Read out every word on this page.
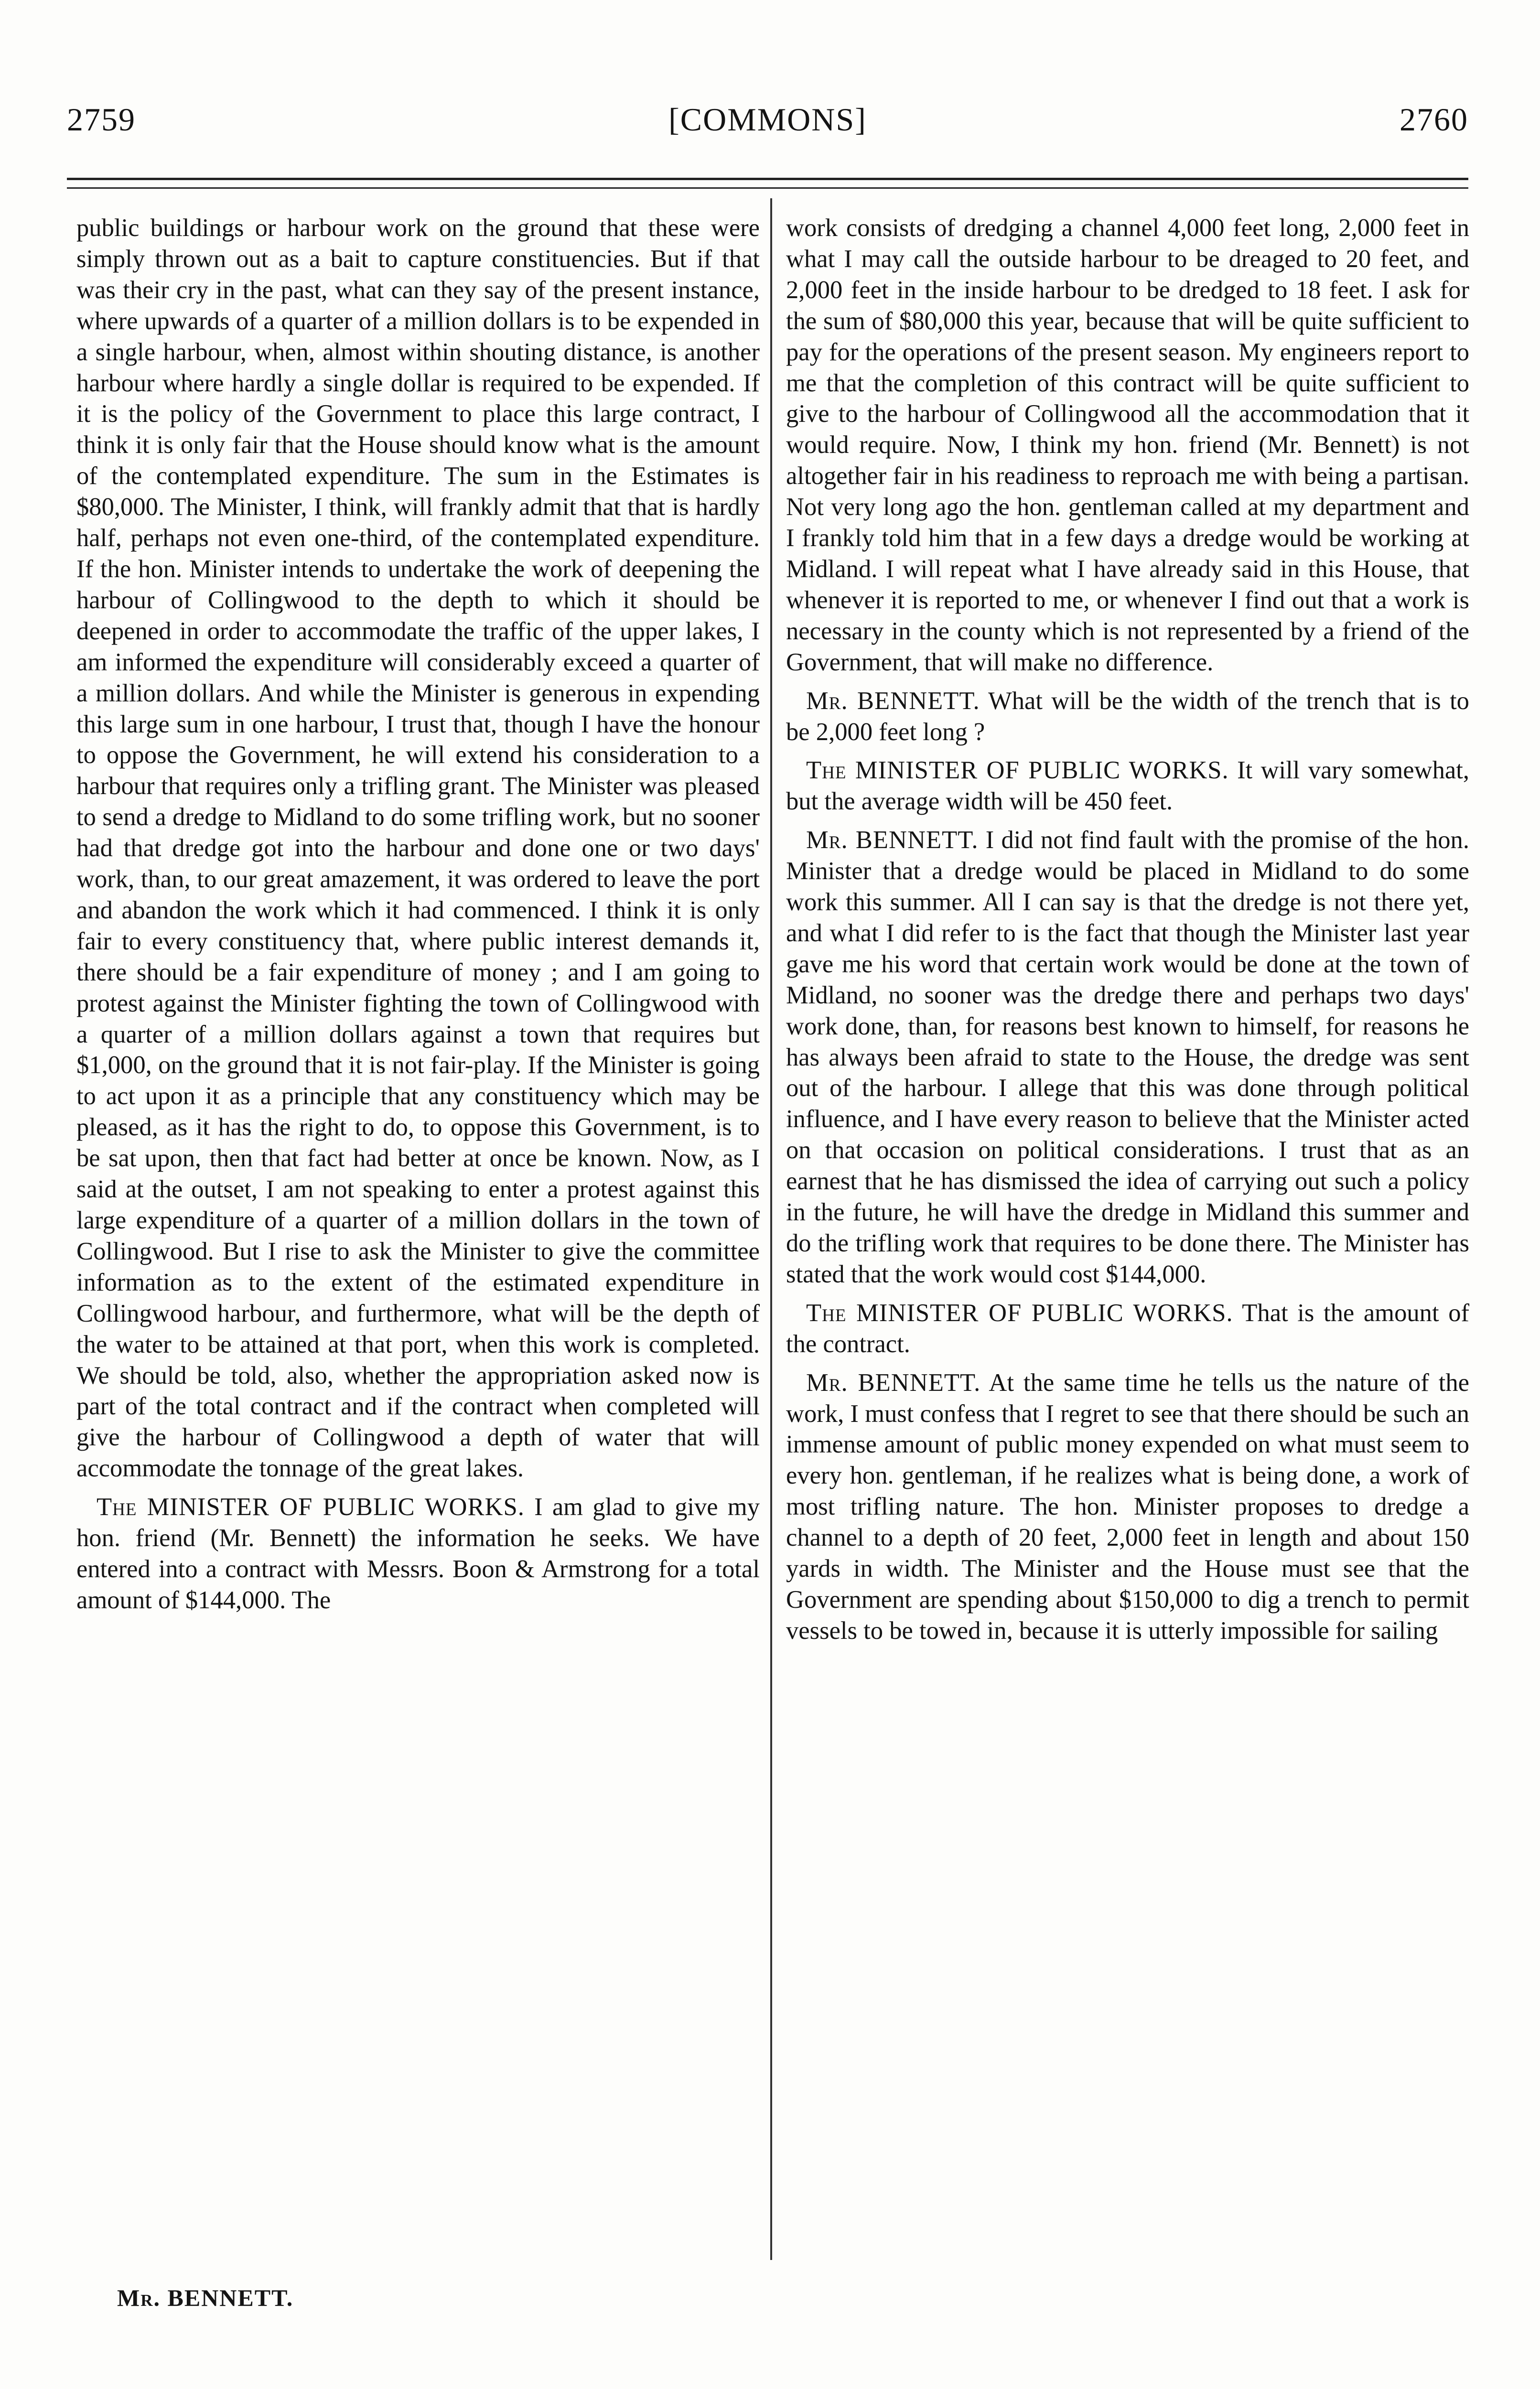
2759	[COMMONS]	2760

public buildings or harbour work on the ground that these were simply thrown out as a bait to capture constituencies. But if that was their cry in the past, what can they say of the present instance, where upwards of a quarter of a million dollars is to be expended in a single harbour, when, almost within shouting distance, is another harbour where hardly a single dollar is required to be expended. If it is the policy of the Government to place this large contract, I think it is only fair that the House should know what is the amount of the contemplated expenditure. The sum in the Estimates is $80,000. The Minister, I think, will frankly admit that that is hardly half, perhaps not even one-third, of the contemplated expenditure. If the hon. Minister intends to undertake the work of deepening the harbour of Collingwood to the depth to which it should be deepened in order to accommodate the traffic of the upper lakes, I am informed the expenditure will considerably exceed a quarter of a million dollars. And while the Minister is generous in expending this large sum in one harbour, I trust that, though I have the honour to oppose the Government, he will extend his consideration to a harbour that requires only a trifling grant. The Minister was pleased to send a dredge to Midland to do some trifling work, but no sooner had that dredge got into the harbour and done one or two days' work, than, to our great amazement, it was ordered to leave the port and abandon the work which it had commenced. I think it is only fair to every constituency that, where public interest demands it, there should be a fair expenditure of money ; and I am going to protest against the Minister fighting the town of Collingwood with a quarter of a million dollars against a town that requires but $1,000, on the ground that it is not fair-play. If the Minister is going to act upon it as a principle that any constituency which may be pleased, as it has the right to do, to oppose this Government, is to be sat upon, then that fact had better at once be known. Now, as I said at the outset, I am not speaking to enter a protest against this large expenditure of a quarter of a million dollars in the town of Collingwood. But I rise to ask the Minister to give the committee information as to the extent of the estimated expenditure in Collingwood harbour, and furthermore, what will be the depth of the water to be attained at that port, when this work is completed. We should be told, also, whether the appropriation asked now is part of the total contract and if the contract when completed will give the harbour of Collingwood a depth of water that will accommodate the tonnage of the great lakes.

The MINISTER OF PUBLIC WORKS. I am glad to give my hon. friend (Mr. Bennett) the information he seeks. We have entered into a contract with Messrs. Boon & Armstrong for a total amount of $144,000. The

work consists of dredging a channel 4,000 feet long, 2,000 feet in what I may call the outside harbour to be dreaged to 20 feet, and 2,000 feet in the inside harbour to be dredged to 18 feet. I ask for the sum of $80,000 this year, because that will be quite sufficient to pay for the operations of the present season. My engineers report to me that the completion of this contract will be quite sufficient to give to the harbour of Collingwood all the accommodation that it would require. Now, I think my hon. friend (Mr. Bennett) is not altogether fair in his readiness to reproach me with being a partisan. Not very long ago the hon. gentleman called at my department and I frankly told him that in a few days a dredge would be working at Midland. I will repeat what I have already said in this House, that whenever it is reported to me, or whenever I find out that a work is necessary in the county which is not represented by a friend of the Government, that will make no difference.

Mr. BENNETT. What will be the width of the trench that is to be 2,000 feet long ?

The MINISTER OF PUBLIC WORKS. It will vary somewhat, but the average width will be 450 feet.

Mr. BENNETT. I did not find fault with the promise of the hon. Minister that a dredge would be placed in Midland to do some work this summer. All I can say is that the dredge is not there yet, and what I did refer to is the fact that though the Minister last year gave me his word that certain work would be done at the town of Midland, no sooner was the dredge there and perhaps two days' work done, than, for reasons best known to himself, for reasons he has always been afraid to state to the House, the dredge was sent out of the harbour. I allege that this was done through political influence, and I have every reason to believe that the Minister acted on that occasion on political considerations. I trust that as an earnest that he has dismissed the idea of carrying out such a policy in the future, he will have the dredge in Midland this summer and do the trifling work that requires to be done there. The Minister has stated that the work would cost $144,000.

The MINISTER OF PUBLIC WORKS. That is the amount of the contract.

Mr. BENNETT. At the same time he tells us the nature of the work, I must confess that I regret to see that there should be such an immense amount of public money expended on what must seem to every hon. gentleman, if he realizes what is being done, a work of most trifling nature. The hon. Minister proposes to dredge a channel to a depth of 20 feet, 2,000 feet in length and about 150 yards in width. The Minister and the House must see that the Government are spending about $150,000 to dig a trench to permit vessels to be towed in, because it is utterly impossible for sailing

Mr. BENNETT.
